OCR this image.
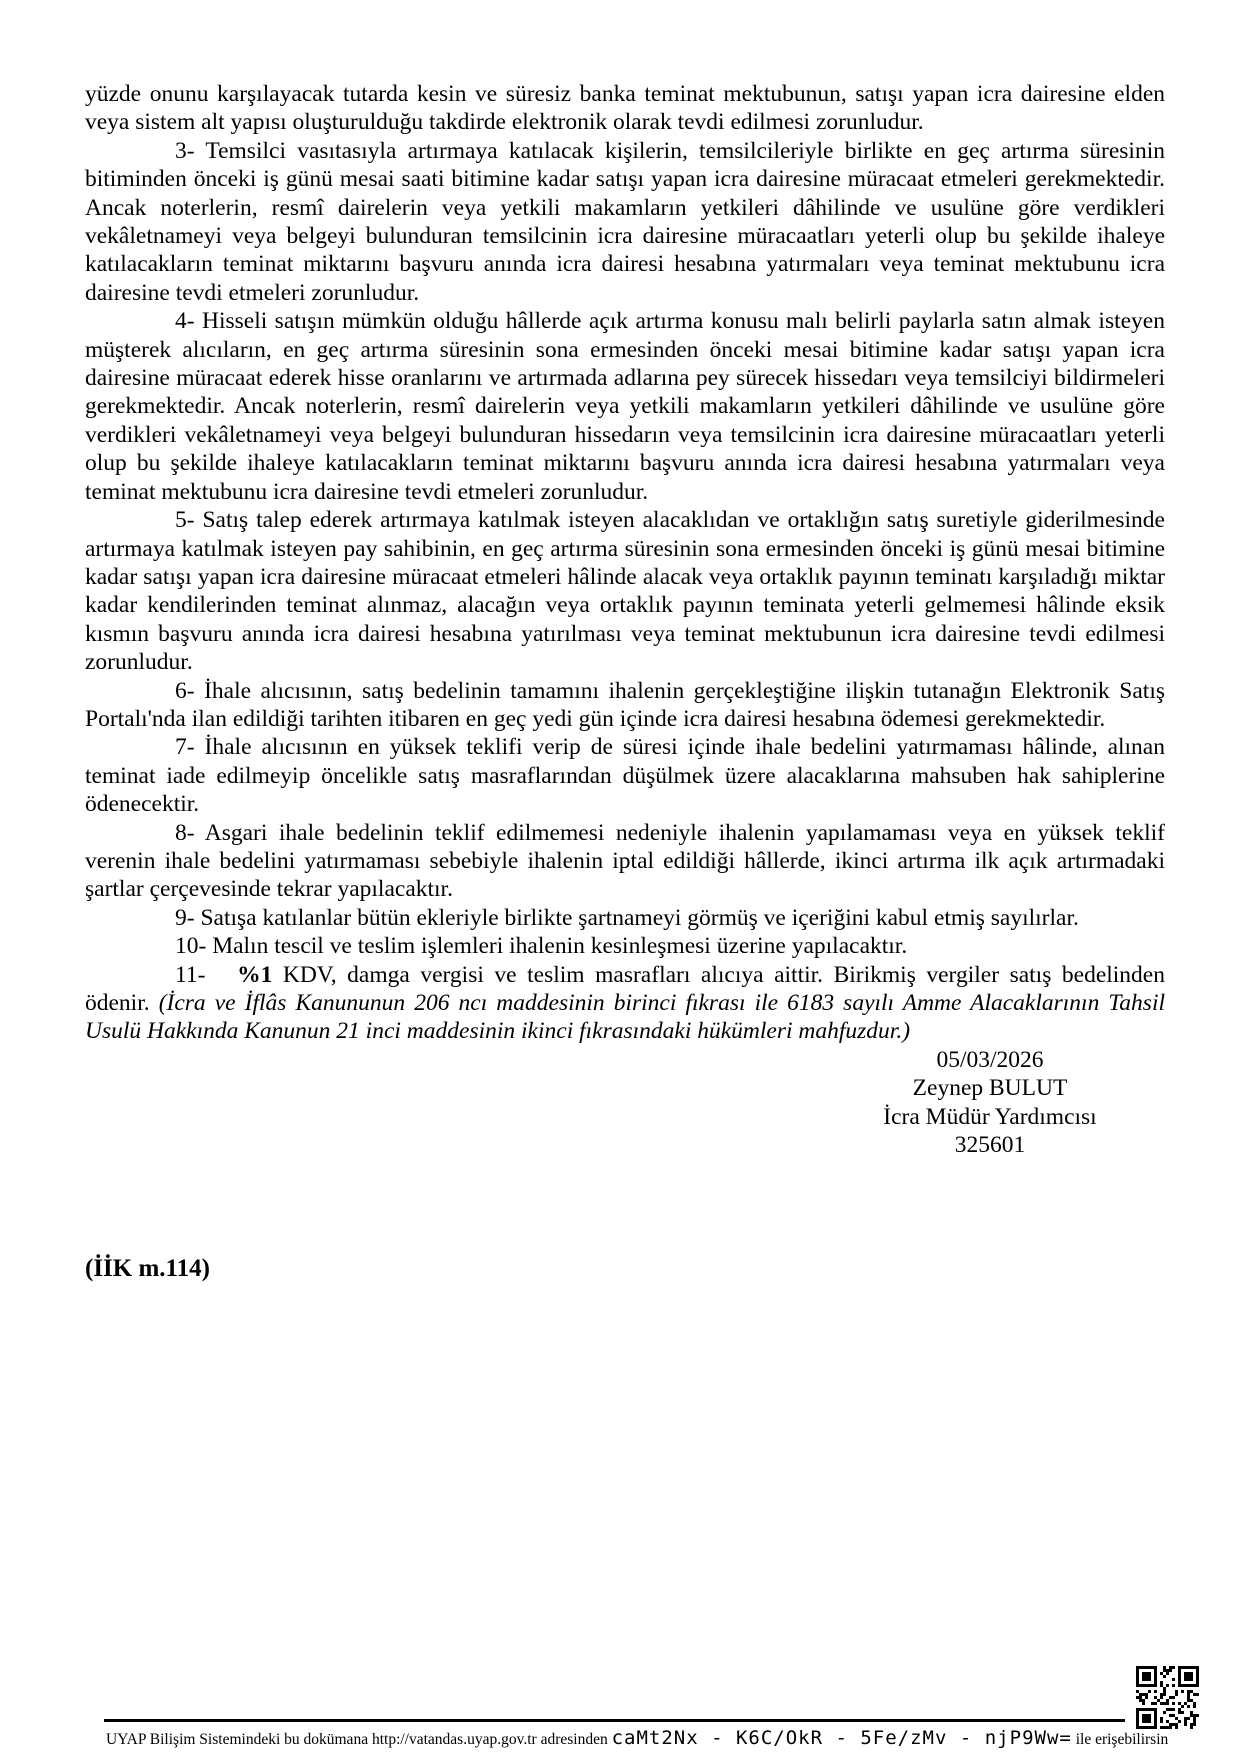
yüzde onunu karşılayacak tutarda kesin ve süresiz banka teminat mektubunun, satışı yapan icra dairesine elden veya sistem alt yapısı oluşturulduğu takdirde elektronik olarak tevdi edilmesi zorunludur.

3- Temsilci vasıtasıyla artırmaya katılacak kişilerin, temsilcileriyle birlikte en geç artırma süresinin bitiminden önceki iş günü mesai saati bitimine kadar satışı yapan icra dairesine müracaat etmeleri gerekmektedir. Ancak noterlerin, resmî dairelerin veya yetkili makamların yetkileri dâhilinde ve usulüne göre verdikleri vekâletnameyi veya belgeyi bulunduran temsilcinin icra dairesine müracaatları yeterli olup bu şekilde ihaleye katılacakların teminat miktarını başvuru anında icra dairesi hesabına yatırmaları veya teminat mektubunu icra dairesine tevdi etmeleri zorunludur.

4- Hisseli satışın mümkün olduğu hâllerde açık artırma konusu malı belirli paylarla satın almak isteyen müşterek alıcıların, en geç artırma süresinin sona ermesinden önceki mesai bitimine kadar satışı yapan icra dairesine müracaat ederek hisse oranlarını ve artırmada adlarına pey sürecek hissedarı veya temsilciyi bildirmeleri gerekmektedir. Ancak noterlerin, resmî dairelerin veya yetkili makamların yetkileri dâhilinde ve usulüne göre verdikleri vekâletnameyi veya belgeyi bulunduran hissedarın veya temsilcinin icra dairesine müracaatları yeterli olup bu şekilde ihaleye katılacakların teminat miktarını başvuru anında icra dairesi hesabına yatırmaları veya teminat mektubunu icra dairesine tevdi etmeleri zorunludur.

5- Satış talep ederek artırmaya katılmak isteyen alacaklıdan ve ortaklığın satış suretiyle giderilmesinde artırmaya katılmak isteyen pay sahibinin, en geç artırma süresinin sona ermesinden önceki iş günü mesai bitimine kadar satışı yapan icra dairesine müracaat etmeleri hâlinde alacak veya ortaklık payının teminatı karşıladığı miktar kadar kendilerinden teminat alınmaz, alacağın veya ortaklık payının teminata yeterli gelmemesi hâlinde eksik kısmın başvuru anında icra dairesi hesabına yatırılması veya teminat mektubunun icra dairesine tevdi edilmesi zorunludur.

6- İhale alıcısının, satış bedelinin tamamını ihalenin gerçekleştiğine ilişkin tutanağın Elektronik Satış Portalı'nda ilan edildiği tarihten itibaren en geç yedi gün içinde icra dairesi hesabına ödemesi gerekmektedir.

7- İhale alıcısının en yüksek teklifi verip de süresi içinde ihale bedelini yatırmaması hâlinde, alınan teminat iade edilmeyip öncelikle satış masraflarından düşülmek üzere alacaklarına mahsuben hak sahiplerine ödenecektir.

8- Asgari ihale bedelinin teklif edilmemesi nedeniyle ihalenin yapılamaması veya en yüksek teklif verenin ihale bedelini yatırmaması sebebiyle ihalenin iptal edildiği hâllerde, ikinci artırma ilk açık artırmadaki şartlar çerçevesinde tekrar yapılacaktır.

9- Satışa katılanlar bütün ekleriyle birlikte şartnameyi görmüş ve içeriğini kabul etmiş sayılırlar.

10- Malın tescil ve teslim işlemleri ihalenin kesinleşmesi üzerine yapılacaktır.

11-   %1 KDV, damga vergisi ve teslim masrafları alıcıya aittir. Birikmiş vergiler satış bedelinden ödenir. (İcra ve İflâs Kanununun 206 ncı maddesinin birinci fıkrası ile 6183 sayılı Amme Alacaklarının Tahsil Usulü Hakkında Kanunun 21 inci maddesinin ikinci fıkrasındaki hükümleri mahfuzdur.)

05/03/2026
Zeynep BULUT
İcra Müdür Yardımcısı
325601
(İİK m.114)
UYAP Bilişim Sistemindeki bu dokümana http://vatandas.uyap.gov.tr adresinden caMt2Nx - K6C/OkR - 5Fe/zMv - njP9Ww= ile erişebilirsin
